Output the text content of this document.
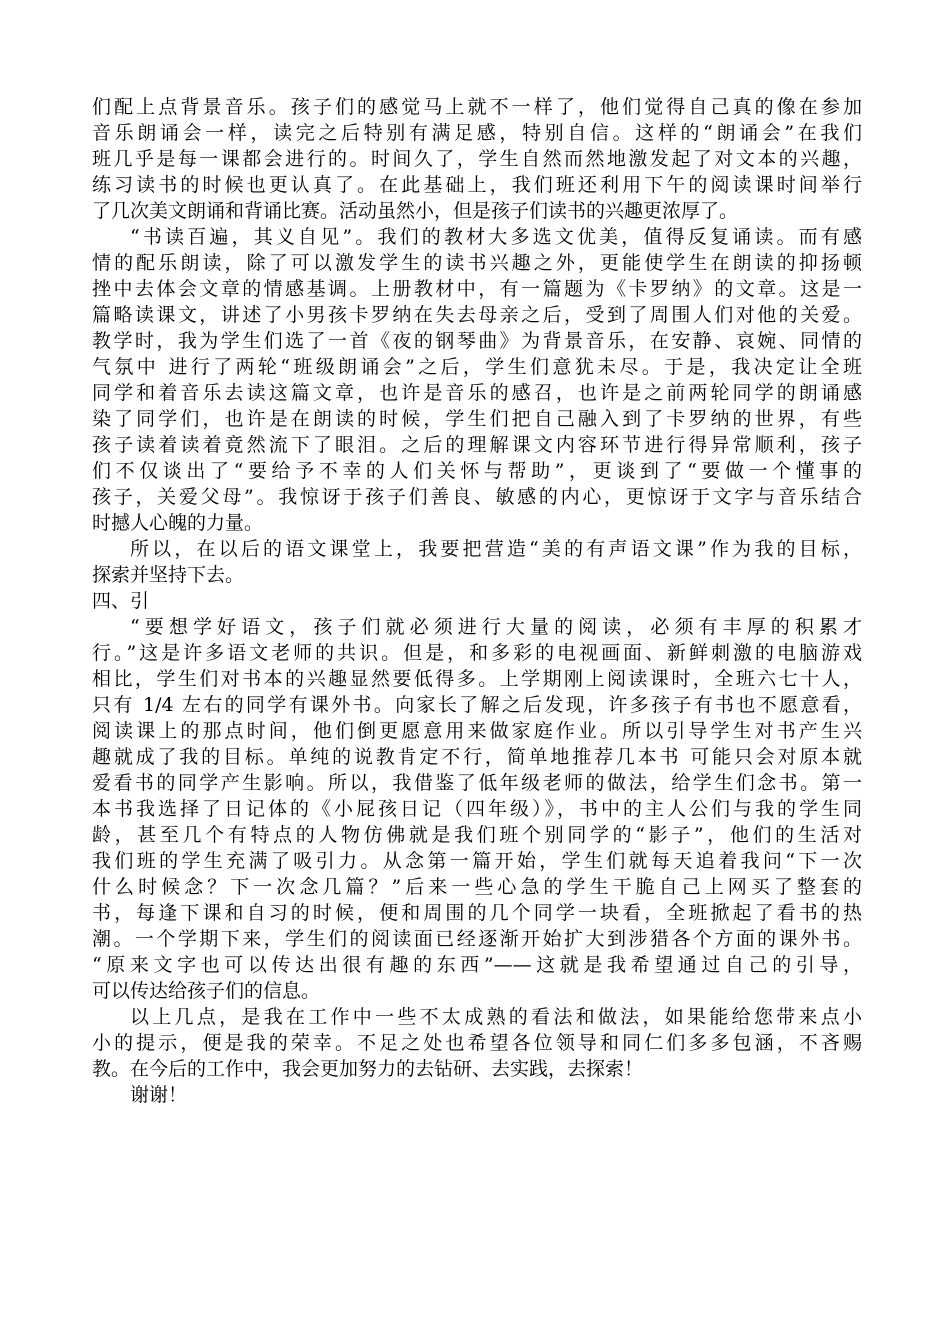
们配上点背景音乐。孩子们的感觉马上就不一样了，他们觉得自己真的像在参加
音乐朗诵会一样，读完之后特别有满足感，特别自信。这样的“朗诵会”在我们
班几乎是每一课都会进行的。时间久了，学生自然而然地激发起了对文本的兴趣，
练习读书的时候也更认真了。在此基础上，我们班还利用下午的阅读课时间举行
了几次美文朗诵和背诵比赛。活动虽然小，但是孩子们读书的兴趣更浓厚了。
“书读百遍，其义自见”。我们的教材大多选文优美，值得反复诵读。而有感
情的配乐朗读，除了可以激发学生的读书兴趣之外，更能使学生在朗读的抑扬顿
挫中去体会文章的情感基调。上册教材中，有一篇题为《卡罗纳》的文章。这是一
篇略读课文，讲述了小男孩卡罗纳在失去母亲之后，受到了周围人们对他的关爱。
教学时，我为学生们选了一首《夜的钢琴曲》为背景音乐，在安静、哀婉、同情的
气氛中 进行了两轮“班级朗诵会”之后，学生们意犹未尽。于是，我决定让全班
同学和着音乐去读这篇文章，也许是音乐的感召，也许是之前两轮同学的朗诵感
染了同学们，也许是在朗读的时候，学生们把自己融入到了卡罗纳的世界，有些
孩子读着读着竟然流下了眼泪。之后的理解课文内容环节进行得异常顺利，孩子
们不仅谈出了“要给予不幸的人们关怀与帮助”，更谈到了“要做一个懂事的
孩子，关爱父母”。我惊讶于孩子们善良、敏感的内心，更惊讶于文字与音乐结合
时撼人心魄的力量。
所以，在以后的语文课堂上，我要把营造“美的有声语文课”作为我的目标，
探索并坚持下去。
四、引
“要想学好语文，孩子们就必须进行大量的阅读，必须有丰厚的积累才
行。”这是许多语文老师的共识。但是，和多彩的电视画面、新鲜刺激的电脑游戏
相比，学生们对书本的兴趣显然要低得多。上学期刚上阅读课时，全班六七十人，
只有 1/4 左右的同学有课外书。向家长了解之后发现，许多孩子有书也不愿意看，
阅读课上的那点时间，他们倒更愿意用来做家庭作业。所以引导学生对书产生兴
趣就成了我的目标。单纯的说教肯定不行，简单地推荐几本书 可能只会对原本就
爱看书的同学产生影响。所以，我借鉴了低年级老师的做法，给学生们念书。第一
本书我选择了日记体的《小屁孩日记（四年级）》，书中的主人公们与我的学生同
龄，甚至几个有特点的人物仿佛就是我们班个别同学的“影子”，他们的生活对
我们班的学生充满了吸引力。从念第一篇开始，学生们就每天追着我问“下一次
什么时候念？下一次念几篇？”后来一些心急的学生干脆自己上网买了整套的
书，每逢下课和自习的时候，便和周围的几个同学一块看，全班掀起了看书的热
潮。一个学期下来，学生们的阅读面已经逐渐开始扩大到涉猎各个方面的课外书。
“原来文字也可以传达出很有趣的东西”——这就是我希望通过自己的引导，
可以传达给孩子们的信息。
以上几点，是我在工作中一些不太成熟的看法和做法，如果能给您带来点小
小的提示，便是我的荣幸。不足之处也希望各位领导和同仁们多多包涵，不吝赐
教。在今后的工作中，我会更加努力的去钻研、去实践，去探索！
谢谢！
